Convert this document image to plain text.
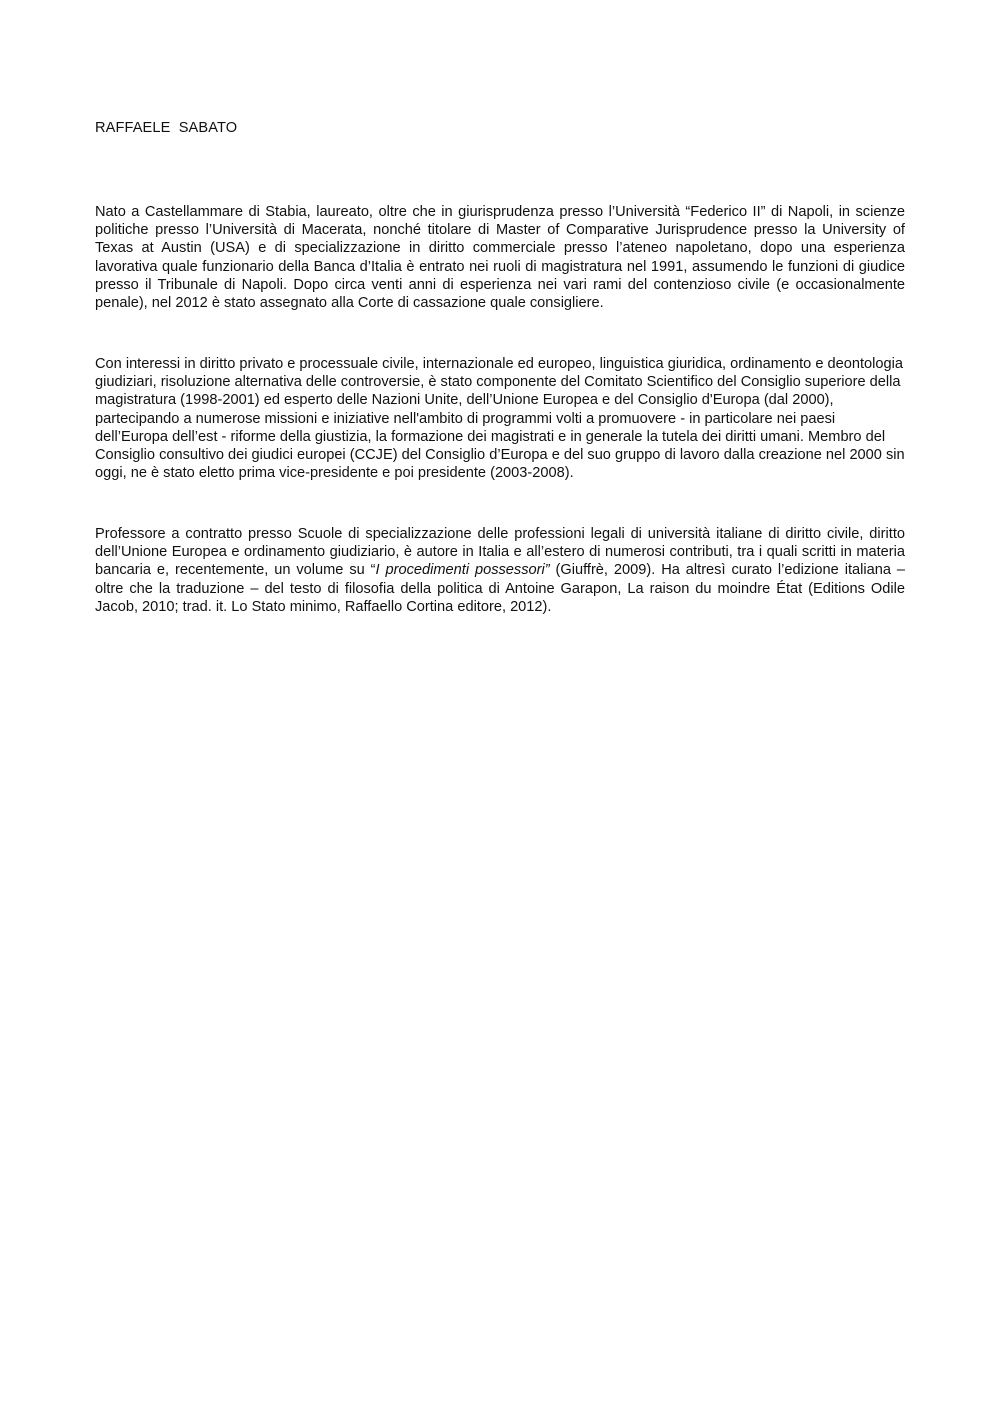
RAFFAELE  SABATO

Nato a Castellammare di Stabia, laureato, oltre che in giurisprudenza presso l’Università “Federico II” di Napoli, in scienze politiche presso l’Università di Macerata, nonché titolare di Master of Comparative Jurisprudence presso la University of Texas at Austin (USA) e di specializzazione in diritto commerciale presso l’ateneo napoletano, dopo una esperienza lavorativa quale funzionario della Banca d’Italia è entrato nei ruoli di magistratura nel 1991, assumendo le funzioni di giudice presso il Tribunale di Napoli. Dopo circa venti anni di esperienza nei vari rami del contenzioso civile (e occasionalmente penale), nel 2012 è stato assegnato alla Corte di cassazione quale consigliere.

Con interessi in diritto privato e processuale civile, internazionale ed europeo, linguistica giuridica, ordinamento e deontologia giudiziari, risoluzione alternativa delle controversie, è stato componente del Comitato Scientifico del Consiglio superiore della magistratura (1998-2001) ed esperto delle Nazioni Unite, dell’Unione Europea e del Consiglio d'Europa (dal 2000), partecipando a numerose missioni e iniziative nell'ambito di programmi volti a promuovere - in particolare nei paesi dell’Europa dell’est - riforme della giustizia, la formazione dei magistrati e in generale la tutela dei diritti umani. Membro del Consiglio consultivo dei giudici europei (CCJE) del Consiglio d’Europa e del suo gruppo di lavoro dalla creazione nel 2000 sin oggi, ne è stato eletto prima vice-presidente e poi presidente (2003-2008).

Professore a contratto presso Scuole di specializzazione delle professioni legali di università italiane di diritto civile, diritto dell’Unione Europea e ordinamento giudiziario, è autore in Italia e all’estero di numerosi contributi, tra i quali scritti in materia bancaria e, recentemente, un volume su “I procedimenti possessori” (Giuffrè, 2009). Ha altresì curato l’edizione italiana – oltre che la traduzione – del testo di filosofia della politica di Antoine Garapon, La raison du moindre État (Editions Odile Jacob, 2010; trad. it. Lo Stato minimo, Raffaello Cortina editore, 2012).
